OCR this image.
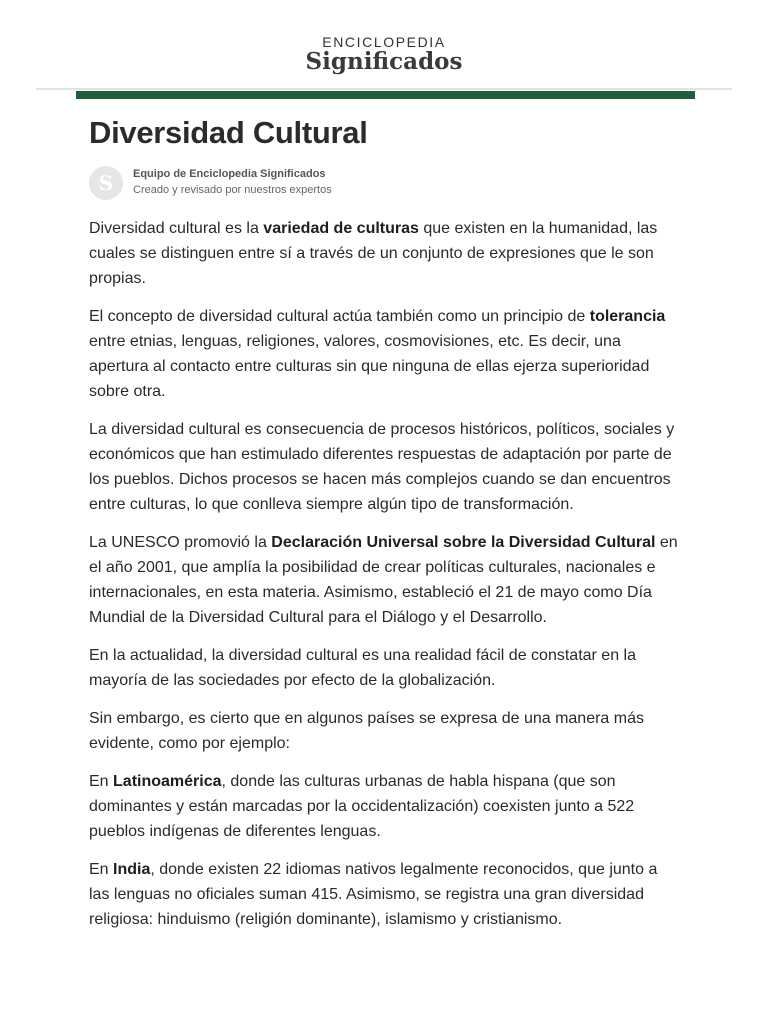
ENCICLOPEDIA
Significados
Diversidad Cultural
S	Equipo de Enciclopedia Significados
Creado y revisado por nuestros expertos

Diversidad cultural es la variedad de culturas que existen en la humanidad, las cuales se distinguen entre sí a través de un conjunto de expresiones que le son propias.

El concepto de diversidad cultural actúa también como un principio de tolerancia entre etnias, lenguas, religiones, valores, cosmovisiones, etc. Es decir, una apertura al contacto entre culturas sin que ninguna de ellas ejerza superioridad sobre otra.

La diversidad cultural es consecuencia de procesos históricos, políticos, sociales y económicos que han estimulado diferentes respuestas de adaptación por parte de los pueblos. Dichos procesos se hacen más complejos cuando se dan encuentros entre culturas, lo que conlleva siempre algún tipo de transformación.

La UNESCO promovió la Declaración Universal sobre la Diversidad Cultural en el año 2001, que amplía la posibilidad de crear políticas culturales, nacionales e internacionales, en esta materia. Asimismo, estableció el 21 de mayo como Día Mundial de la Diversidad Cultural para el Diálogo y el Desarrollo.

En la actualidad, la diversidad cultural es una realidad fácil de constatar en la mayoría de las sociedades por efecto de la globalización.

Sin embargo, es cierto que en algunos países se expresa de una manera más evidente, como por ejemplo:

En Latinoamérica, donde las culturas urbanas de habla hispana (que son dominantes y están marcadas por la occidentalización) coexisten junto a 522 pueblos indígenas de diferentes lenguas.

En India, donde existen 22 idiomas nativos legalmente reconocidos, que junto a las lenguas no oficiales suman 415. Asimismo, se registra una gran diversidad religiosa: hinduismo (religión dominante), islamismo y cristianismo.
